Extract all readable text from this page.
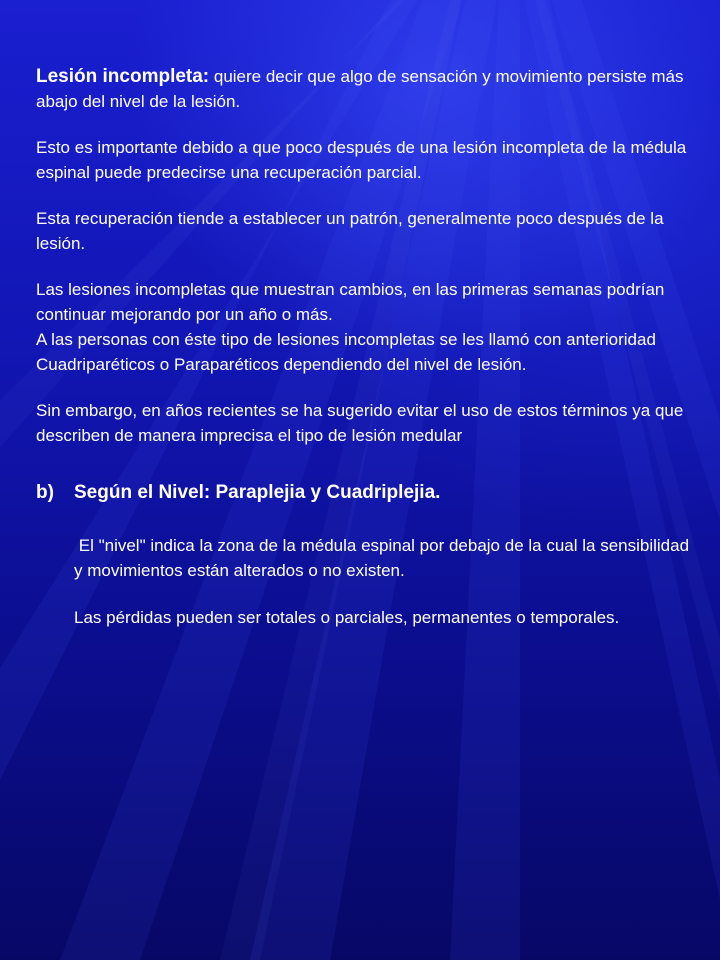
Lesión incompleta: quiere decir que algo de sensación y movimiento persiste más abajo del nivel de la lesión.

Esto es importante debido a que poco después de una lesión incompleta de la médula espinal puede predecirse una recuperación parcial.

Esta recuperación tiende a establecer un patrón, generalmente poco después de la lesión.

Las lesiones incompletas que muestran cambios, en las primeras semanas podrían continuar mejorando por un año o más.

A las personas con éste tipo de lesiones incompletas se les llamó con anterioridad Cuadriparéticos o Paraparéticos dependiendo del nivel de lesión.

Sin embargo, en años recientes se ha sugerido evitar el uso de estos términos ya que describen de manera imprecisa el tipo de lesión medular

b)	Según el Nivel: Paraplejia y Cuadriplejia.

El "nivel" indica la zona de la médula espinal por debajo de la cual la sensibilidad y movimientos están alterados o no existen.

Las pérdidas pueden ser totales o parciales, permanentes o temporales.
